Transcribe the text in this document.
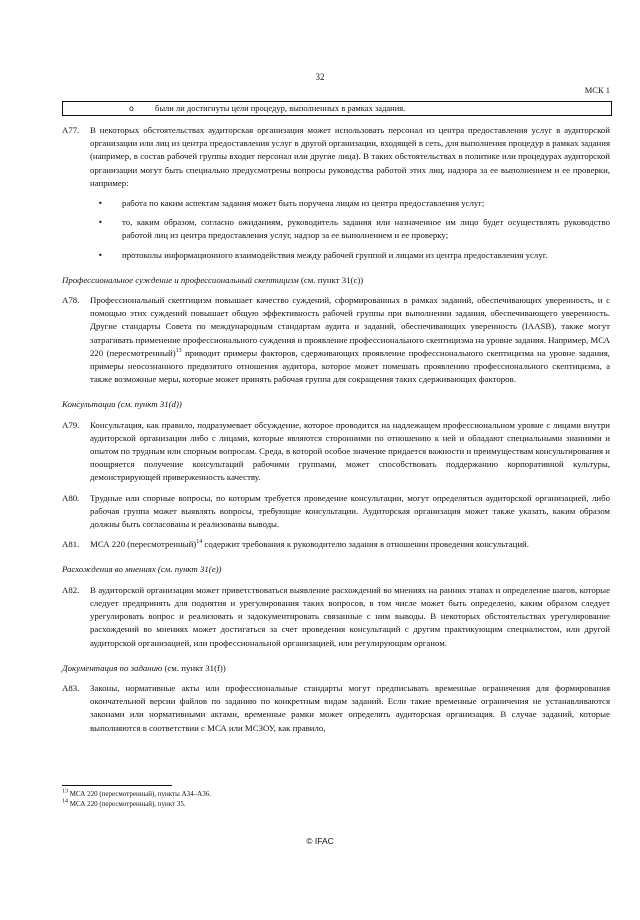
32
МСК 1
o были ли достигнуты цели процедур, выполненных в рамках задания.
A77. В некоторых обстоятельствах аудиторская организация может использовать персонал из центра предоставления услуг в аудиторской организации или лиц из центра предоставления услуг в другой организации, входящей в сеть, для выполнения процедур в рамках задания (например, в состав рабочей группы входит персонал или другие лица). В таких обстоятельствах в политике или процедурах аудиторской организации могут быть специально предусмотрены вопросы руководства работой этих лиц, надзора за ее выполнением и ее проверки, например:
• работа по каким аспектам задания может быть поручена лицам из центра предоставления услуг;
• то, каким образом, согласно ожиданиям, руководитель задания или назначенное им лицо будет осуществлять руководство работой лиц из центра предоставления услуг, надзор за ее выполнением и ее проверку;
• протоколы информационного взаимодействия между рабочей группой и лицами из центра предоставления услуг.
Профессиональное суждение и профессиональный скептицизм (см. пункт 31(с))
A78. Профессиональный скептицизм повышает качество суждений, сформированных в рамках заданий, обеспечивающих уверенность, и с помощью этих суждений повышает общую эффективность рабочей группы при выполнении задания, обеспечивающего уверенность. Другие стандарты Совета по международным стандартам аудита и заданий, обеспечивающих уверенность (IAASB), также могут затрагивать применение профессионального суждения и проявление профессионального скептицизма на уровне задания. Например, МСА 220 (пересмотренный)$^{13}$ приводит примеры факторов, сдерживающих проявление профессионального скептицизма на уровне задания, примеры неосознанного предвзятого отношения аудитора, которое может помешать проявлению профессионального скептицизма, а также возможные меры, которые может принять рабочая группа для сокращения таких сдерживающих факторов.
Консультации (см. пункт 31(d))
A79. Консультация, как правило, подразумевает обсуждение, которое проводится на надлежащем профессиональном уровне с лицами внутри аудиторской организации либо с лицами, которые являются сторонними по отношению к ней и обладают специальными знаниями и опытом по трудным или спорным вопросам. Среда, в которой особое значение придается важности и преимуществам консультирования и поощряется получение консультаций рабочими группами, может способствовать поддержанию корпоративной культуры, демонстрирующей приверженность качеству.
A80. Трудные или спорные вопросы, по которым требуется проведение консультации, могут определяться аудиторской организацией, либо рабочая группа может выявлять вопросы, требующие консультации. Аудиторская организация может также указать, каким образом должны быть согласованы и реализованы выводы.
A81. МСА 220 (пересмотренный)$^{14}$ содержит требования к руководителю задания в отношении проведения консультаций.
Расхождения во мнениях (см. пункт 31(e))
A82. В аудиторской организации может приветствоваться выявление расхождений во мнениях на ранних этапах и определение шагов, которые следует предпринять для поднятия и урегулирования таких вопросов, в том числе может быть определено, каким образом следует урегулировать вопрос и реализовать и задокументировать связанные с ним выводы. В некоторых обстоятельствах урегулирование расхождений во мнениях может достигаться за счет проведения консультаций с другим практикующим специалистом, или другой аудиторской организацией, или профессиональной организацией, или регулирующим органом.
Документация по заданию (см. пункт 31(f))
A83. Законы, нормативные акты или профессиональные стандарты могут предписывать временные ограничения для формирования окончательной версии файлов по заданию по конкретным видам заданий. Если такие временные ограничения не устанавливаются законами или нормативными актами, временные рамки может определять аудиторская организация. В случае заданий, которые выполняются в соответствии с МСА или МСЗОУ, как правило,
$^{13}$ МСА 220 (пересмотренный), пункты A34–A36.
$^{14}$ МСА 220 (пересмотренный), пункт 35.
© IFAC
